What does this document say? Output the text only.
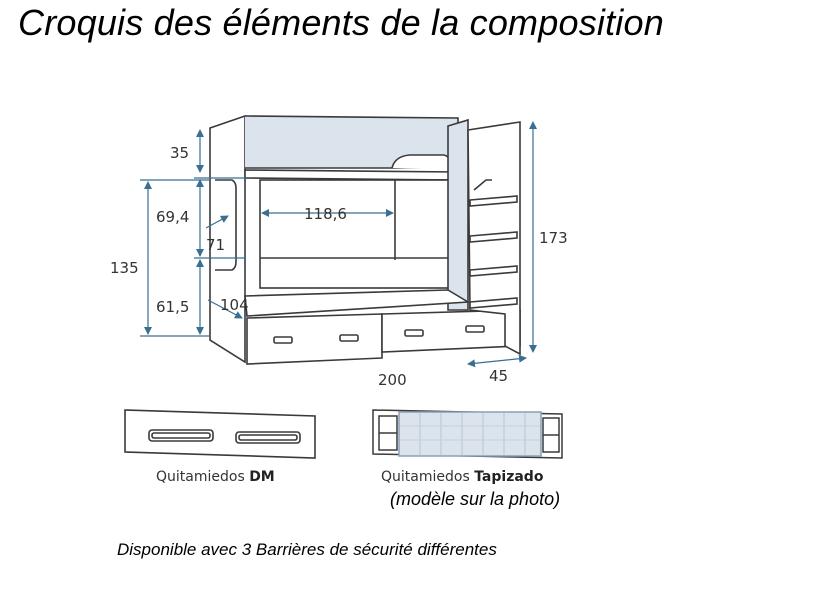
Croquis des éléments de la composition
35
69,4
71
135
61,5 104
118,6
173
200	45
Quitamiedos DM	Quitamiedos Tapizado
(modèle sur la photo)
Disponible avec 3 Barrières de sécurité différentes
